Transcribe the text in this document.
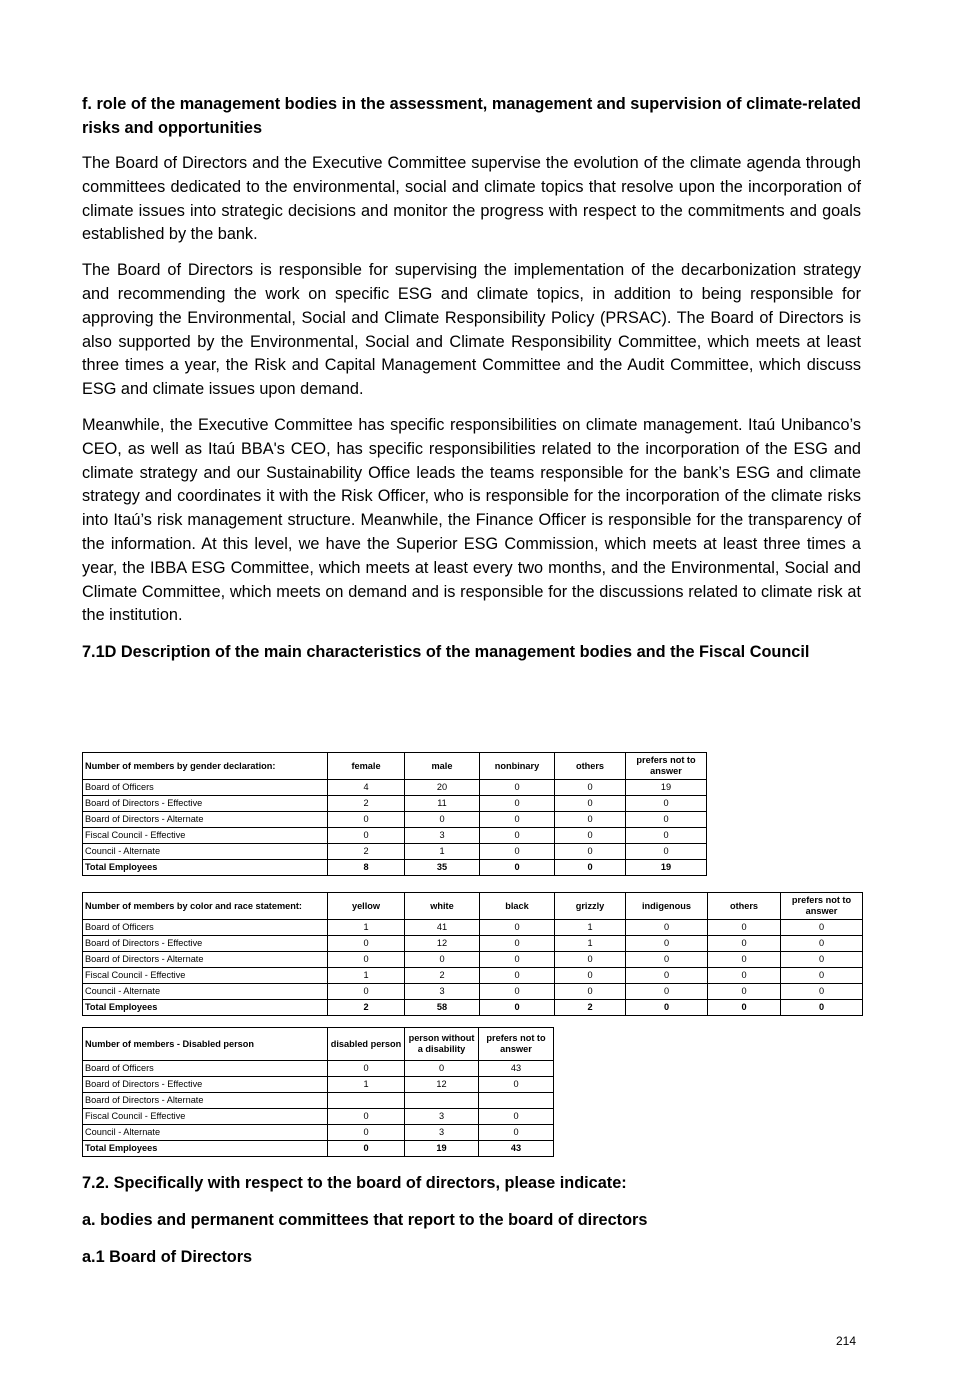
f. role of the management bodies in the assessment, management and supervision of climate-related risks and opportunities

The Board of Directors and the Executive Committee supervise the evolution of the climate agenda through committees dedicated to the environmental, social and climate topics that resolve upon the incorporation of climate issues into strategic decisions and monitor the progress with respect to the commitments and goals established by the bank.

The Board of Directors is responsible for supervising the implementation of the decarbonization strategy and recommending the work on specific ESG and climate topics, in addition to being responsible for approving the Environmental, Social and Climate Responsibility Policy (PRSAC). The Board of Directors is also supported by the Environmental, Social and Climate Responsibility Committee, which meets at least three times a year, the Risk and Capital Management Committee and the Audit Committee, which discuss ESG and climate issues upon demand.

Meanwhile, the Executive Committee has specific responsibilities on climate management. Itaú Unibanco’s CEO, as well as Itaú BBA's CEO, has specific responsibilities related to the incorporation of the ESG and climate strategy and our Sustainability Office leads the teams responsible for the bank’s ESG and climate strategy and coordinates it with the Risk Officer, who is responsible for the incorporation of the climate risks into Itaú’s risk management structure. Meanwhile, the Finance Officer is responsible for the transparency of the information. At this level, we have the Superior ESG Commission, which meets at least three times a year, the IBBA ESG Committee, which meets at least every two months, and the Environmental, Social and Climate Committee, which meets on demand and is responsible for the discussions related to climate risk at the institution.

7.1D Description of the main characteristics of the management bodies and the Fiscal Council

Number of members by gender declaration:	female	male	nonbinary	others	prefers not to answer
Board of Officers	4	20	0	0	19
Board of Directors - Effective	2	11	0	0	0
Board of Directors - Alternate	0	0	0	0	0
Fiscal Council - Effective	0	3	0	0	0
Council - Alternate	2	1	0	0	0
Total Employees	8	35	0	0	19
Number of members by color and race statement:	yellow	white	black	grizzly	indigenous	others	prefers not to answer
Board of Officers	1	41	0	1	0	0	0
Board of Directors - Effective	0	12	0	1	0	0	0
Board of Directors - Alternate	0	0	0	0	0	0	0
Fiscal Council - Effective	1	2	0	0	0	0	0
Council - Alternate	0	3	0	0	0	0	0
Total Employees	2	58	0	2	0	0	0
Number of members - Disabled person	disabled person	person without a disability	prefers not to answer
Board of Officers	0	0	43
Board of Directors - Effective	1	12	0
Board of Directors - Alternate			
Fiscal Council - Effective	0	3	0
Council - Alternate	0	3	0
Total Employees	0	19	43

7.2. Specifically with respect to the board of directors, please indicate:

a. bodies and permanent committees that report to the board of directors

a.1 Board of Directors

214
